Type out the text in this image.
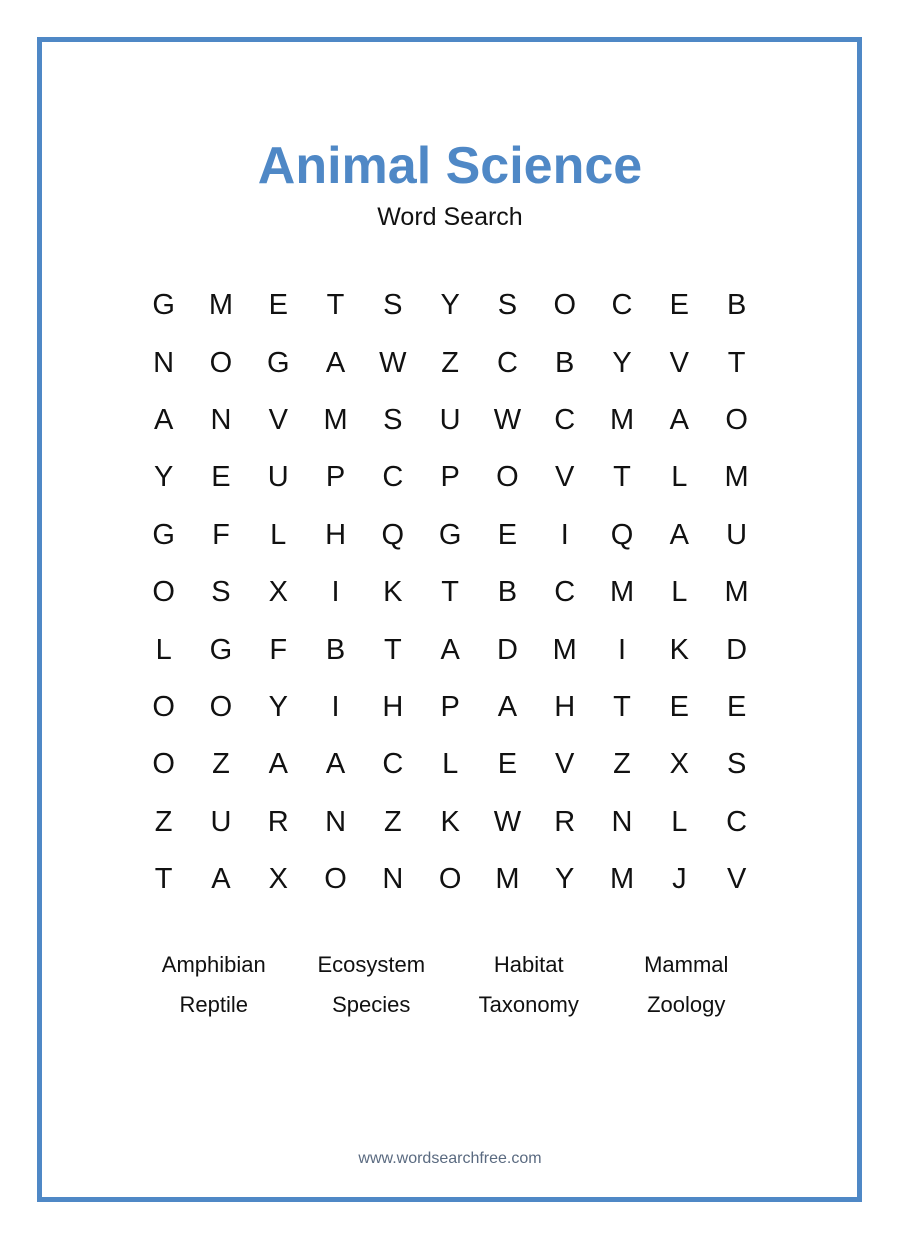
Animal Science
Word Search
G	M	E	T	S	Y	S	O	C	E	B
N	O	G	A	W	Z	C	B	Y	V	T
A	N	V	M	S	U	W	C	M	A	O
Y	E	U	P	C	P	O	V	T	L	M
G	F	L	H	Q	G	E	I	Q	A	U
O	S	X	I	K	T	B	C	M	L	M
L	G	F	B	T	A	D	M	I	K	D
O	O	Y	I	H	P	A	H	T	E	E
O	Z	A	A	C	L	E	V	Z	X	S
Z	U	R	N	Z	K	W	R	N	L	C
T	A	X	O	N	O	M	Y	M	J	V
Amphibian	Ecosystem	Habitat	Mammal
Reptile	Species	Taxonomy	Zoology
www.wordsearchfree.com
